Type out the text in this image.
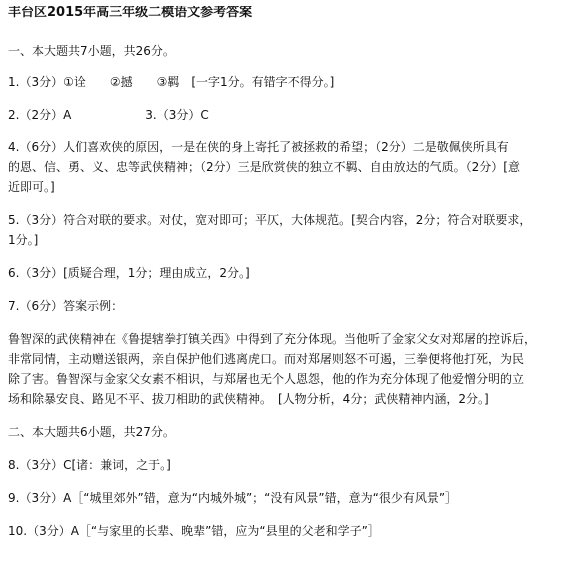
丰台区2015年高三年级二模语文参考答案
一、本大题共7小题，共26分。
1.（3分）①诠　　②撼　　③羁　[一字1分。有错字不得分。]
2.（2分）A	3.（3分）C
4.（6分）人们喜欢侠的原因，一是在侠的身上寄托了被拯救的希望；（2分）二是敬佩侠所具有
的恩、信、勇、义、忠等武侠精神；（2分）三是欣赏侠的独立不羁、自由放达的气质。（2分）[意
近即可。]
5.（3分）符合对联的要求。对仗，宽对即可；平仄，大体规范。[契合内容，2分；符合对联要求，
1分。]
6.（3分）[质疑合理，1分；理由成立，2分。]
7.（6分）答案示例：
鲁智深的武侠精神在《鲁提辖拳打镇关西》中得到了充分体现。当他听了金家父女对郑屠的控诉后，
非常同情，主动赠送银两，亲自保护他们逃离虎口。而对郑屠则怒不可遏，三拳便将他打死，为民
除了害。鲁智深与金家父女素不相识，与郑屠也无个人恩怨，他的作为充分体现了他爱憎分明的立
场和除暴安良、路见不平、拔刀相助的武侠精神。　[人物分析，4分；武侠精神内涵，2分。]
二、本大题共6小题，共27分。
8.（3分）C[诸：兼词，之于。]
9.（3分）A［“城里郊外”错，意为“内城外城”；“没有风景”错，意为“很少有风景”］
10.（3分）A［“与家里的长辈、晚辈”错，应为“县里的父老和学子”］
